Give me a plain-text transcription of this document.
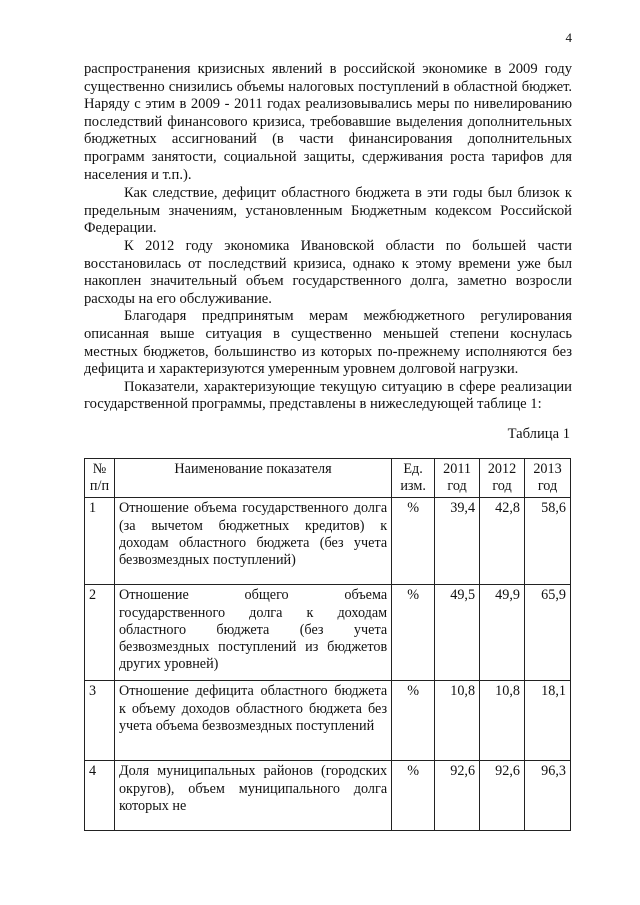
4

распространения кризисных явлений в российской экономике в 2009 году существенно снизились объемы налоговых поступлений в областной бюджет. Наряду с этим в 2009 - 2011 годах реализовывались меры по нивелированию последствий финансового кризиса, требовавшие выделения дополнительных бюджетных ассигнований (в части финансирования дополнительных программ занятости, социальной защиты, сдерживания роста тарифов для населения и т.п.).

Как следствие, дефицит областного бюджета в эти годы был близок к предельным значениям, установленным Бюджетным кодексом Российской Федерации.

К 2012 году экономика Ивановской области по большей части восстановилась от последствий кризиса, однако к этому времени уже был накоплен значительный объем государственного долга, заметно возросли расходы на его обслуживание.

Благодаря предпринятым мерам межбюджетного регулирования описанная выше ситуация в существенно меньшей степени коснулась местных бюджетов, большинство из которых по-прежнему исполняются без дефицита и характеризуются умеренным уровнем долговой нагрузки.

Показатели, характеризующие текущую ситуацию в сфере реализации государственной программы, представлены в нижеследующей таблице 1:

Таблица 1
№ п/п	Наименование показателя	Ед. изм.	2011 год	2012 год	2013 год
1	Отношение объема государственного долга (за вычетом бюджетных кредитов) к доходам областного бюджета (без учета безвозмездных поступлений)	%	39,4	42,8	58,6
2	Отношение общего объема государственного долга к доходам областного бюджета (без учета безвозмездных поступлений из бюджетов других уровней)	%	49,5	49,9	65,9
3	Отношение дефицита областного бюджета к объему доходов областного бюджета без учета объема безвозмездных поступлений	%	10,8	10,8	18,1
4	Доля муниципальных районов (городских округов), объем муниципального долга которых не	%	92,6	92,6	96,3
